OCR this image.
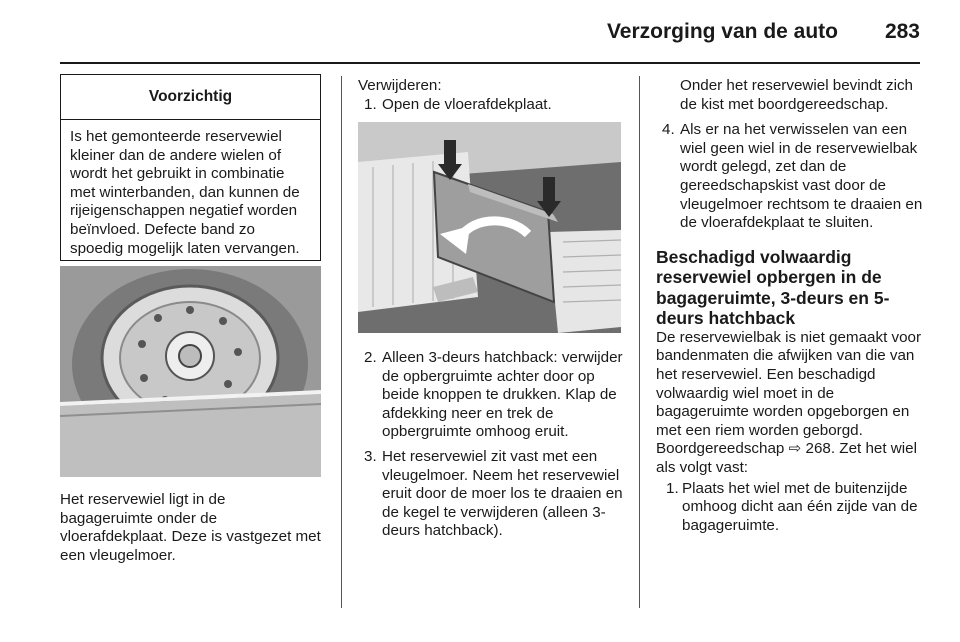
Verzorging van de auto 283
Voorzichtig
Is het gemonteerde reservewiel kleiner dan de andere wielen of wordt het gebruikt in combinatie met winterbanden, dan kunnen de rijeigenschappen negatief worden beïnvloed. Defecte band zo spoedig mogelijk laten vervangen.
Het reservewiel ligt in de bagageruimte onder de vloerafdekplaat. Deze is vastgezet met een vleugelmoer.
Verwijderen:
1. Open de vloerafdekplaat.
2. Alleen 3-deurs hatchback: verwijder de opbergruimte achter door op beide knoppen te drukken. Klap de afdekking neer en trek de opbergruimte omhoog eruit.
3. Het reservewiel zit vast met een vleugelmoer. Neem het reservewiel eruit door de moer los te draaien en de kegel te verwijderen (alleen 3-deurs hatchback).
Onder het reservewiel bevindt zich de kist met boordgereedschap.
4. Als er na het verwisselen van een wiel geen wiel in de reservewielbak wordt gelegd, zet dan de gereedschapskist vast door de vleugelmoer rechtsom te draaien en de vloerafdekplaat te sluiten.
Beschadigd volwaardig reservewiel opbergen in de bagageruimte, 3-deurs en 5-deurs hatchback
De reservewielbak is niet gemaakt voor bandenmaten die afwijken van die van het reservewiel. Een beschadigd volwaardig wiel moet in de bagageruimte worden opgeborgen en met een riem worden geborgd. Boordgereedschap ⇨ 268. Zet het wiel als volgt vast:
1. Plaats het wiel met de buitenzijde omhoog dicht aan één zijde van de bagageruimte.
